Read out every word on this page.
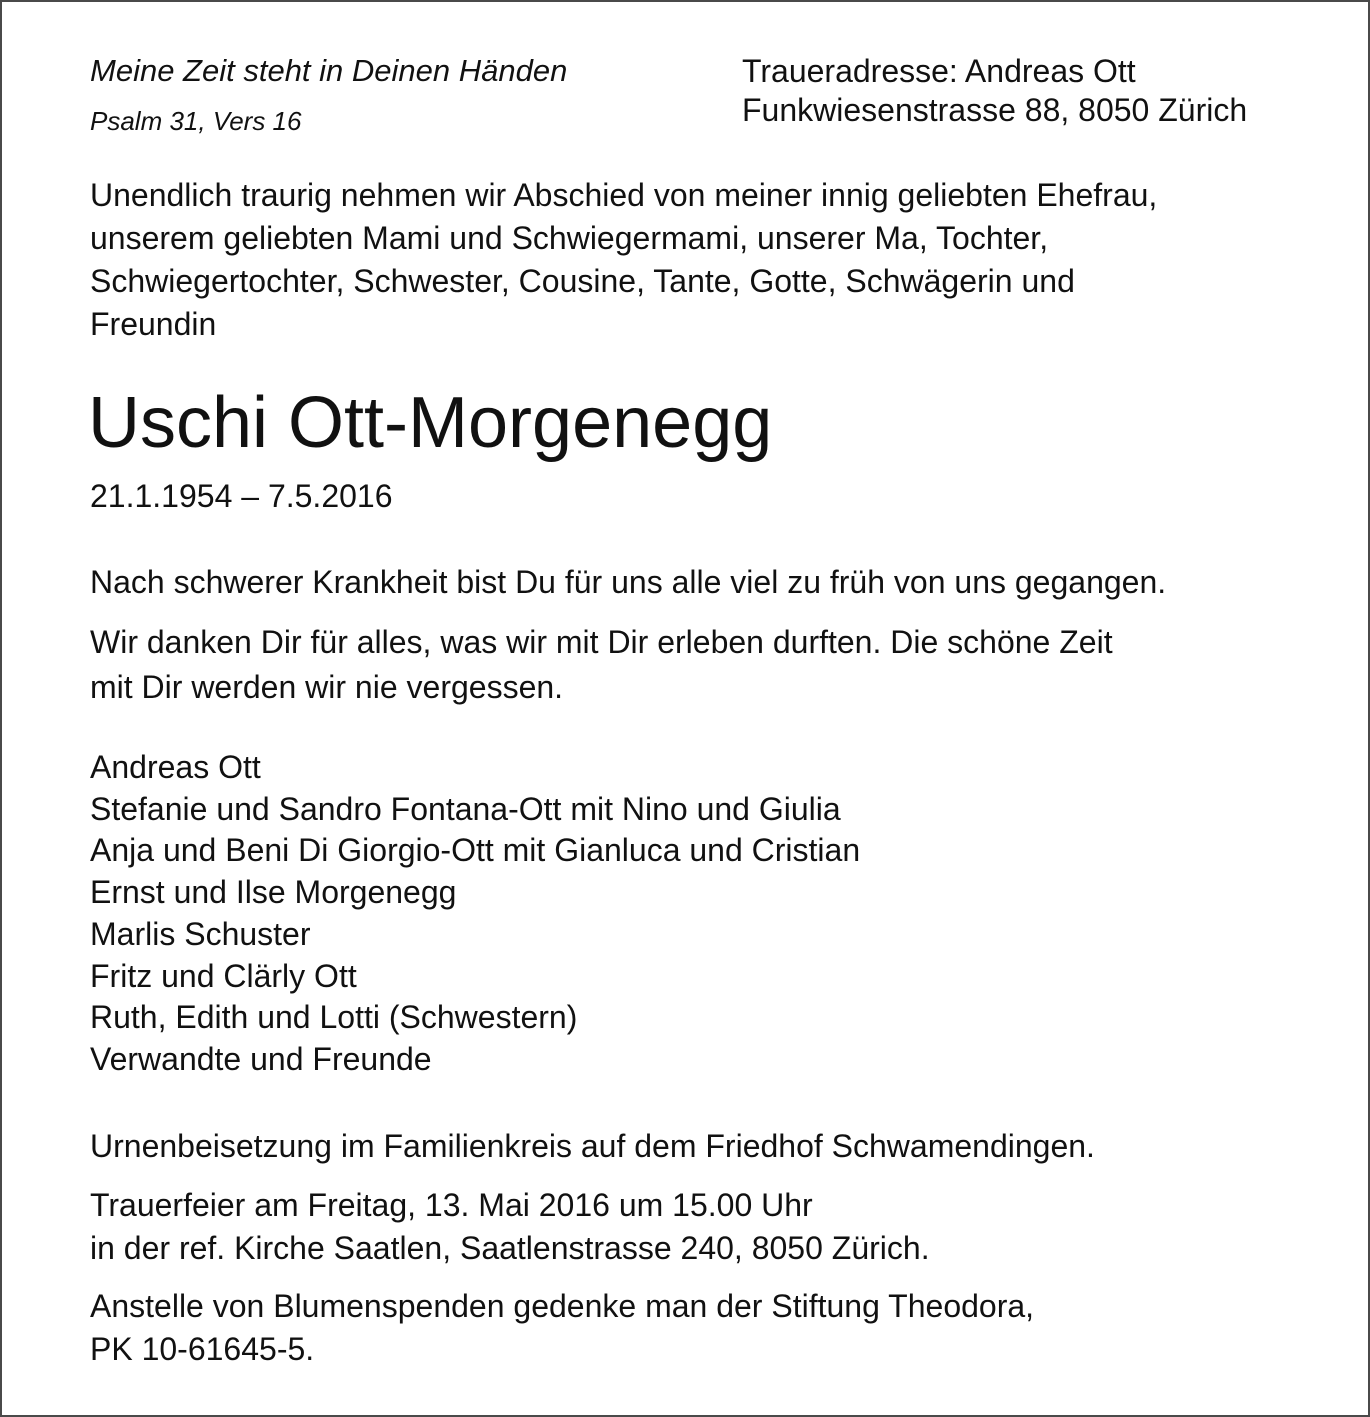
Meine Zeit steht in Deinen Händen
Psalm 31, Vers 16
Traueradresse: Andreas Ott
Funkwiesenstrasse 88, 8050 Zürich
Unendlich traurig nehmen wir Abschied von meiner innig geliebten Ehefrau,
unserem geliebten Mami und Schwiegermami, unserer Ma, Tochter,
Schwiegertochter, Schwester, Cousine, Tante, Gotte, Schwägerin und
Freundin
Uschi Ott-Morgenegg
21.1.1954 – 7.5.2016
Nach schwerer Krankheit bist Du für uns alle viel zu früh von uns gegangen.
Wir danken Dir für alles, was wir mit Dir erleben durften. Die schöne Zeit
mit Dir werden wir nie vergessen.
Andreas Ott
Stefanie und Sandro Fontana-Ott mit Nino und Giulia
Anja und Beni Di Giorgio-Ott mit Gianluca und Cristian
Ernst und Ilse Morgenegg
Marlis Schuster
Fritz und Clärly Ott
Ruth, Edith und Lotti (Schwestern)
Verwandte und Freunde
Urnenbeisetzung im Familienkreis auf dem Friedhof Schwamendingen.
Trauerfeier am Freitag, 13. Mai 2016 um 15.00 Uhr
in der ref. Kirche Saatlen, Saatlenstrasse 240, 8050 Zürich.
Anstelle von Blumenspenden gedenke man der Stiftung Theodora,
PK 10-61645-5.
